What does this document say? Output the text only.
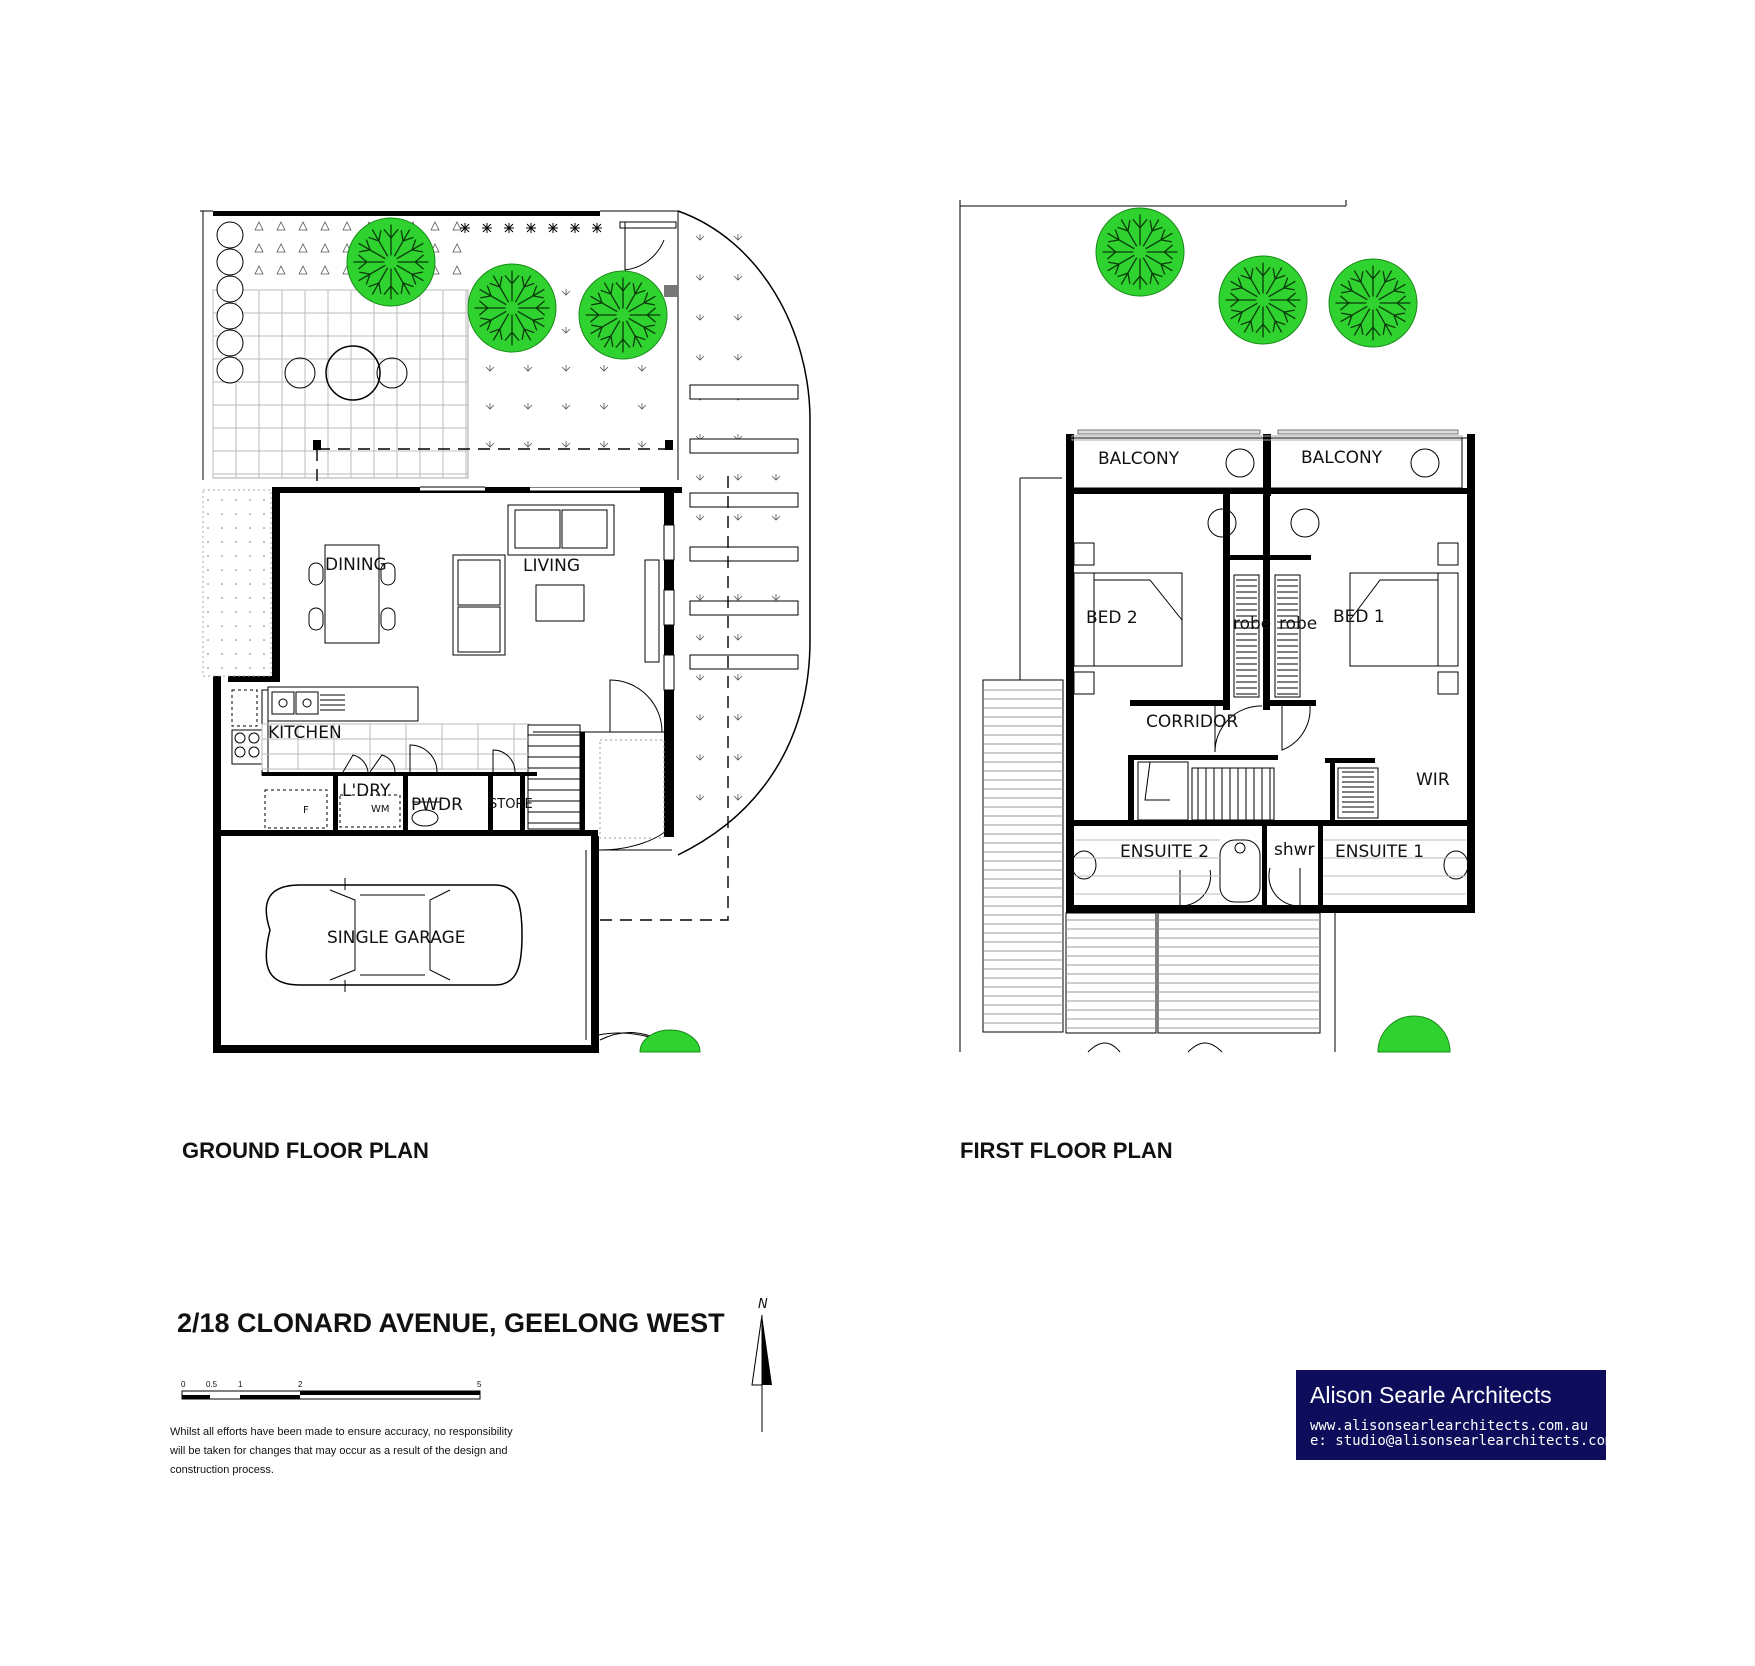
DINING	LIVING
KITCHEN
L'DRY
WM PWDR STORE
F
SINGLE GARAGE
BALCONY	BALCONY
BED 2	BED 1
robe robe
CORRIDOR
WIR
ENSUITE 2	shwr ENSUITE 1
GROUND FLOOR PLAN	FIRST FLOOR PLAN
2/18 CLONARD AVENUE, GEELONG WEST
N
0	0.5	1	2	5
Whilst all efforts have been made to ensure accuracy, no responsibility
will be taken for changes that may occur as a result of the design and
construction process.
Alison Searle Architects
www.alisonsearlearchitects.com.au
e: studio@alisonsearlearchitects.com.au
